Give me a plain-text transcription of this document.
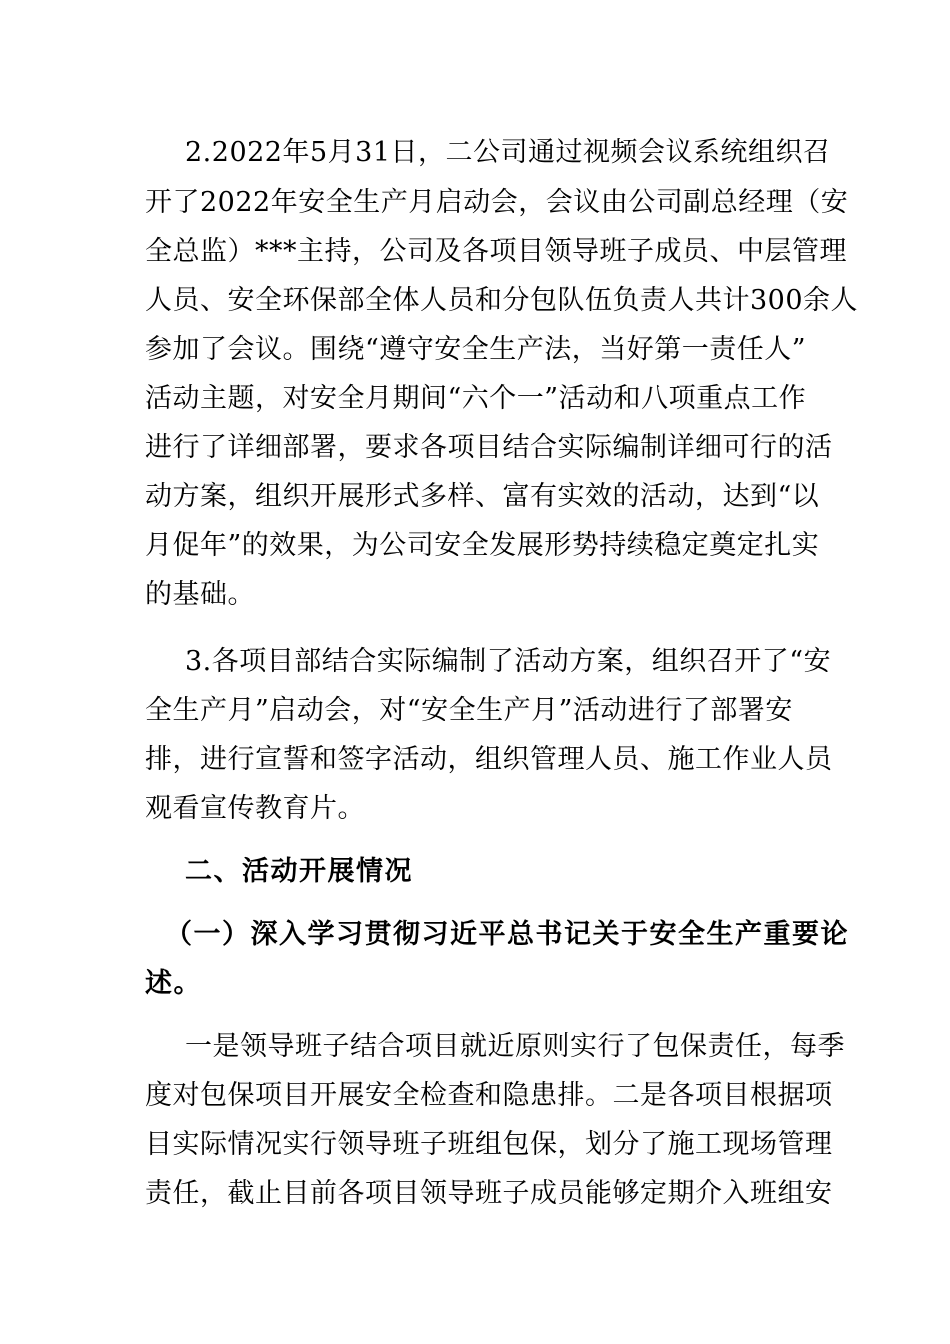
2.2022年5月31日，二公司通过视频会议系统组织召
开了2022年安全生产月启动会，会议由公司副总经理（安
全总监）***主持，公司及各项目领导班子成员、中层管理
人员、安全环保部全体人员和分包队伍负责人共计300余人
参加了会议。围绕“遵守安全生产法，当好第一责任人”
活动主题，对安全月期间“六个一”活动和八项重点工作
进行了详细部署，要求各项目结合实际编制详细可行的活
动方案，组织开展形式多样、富有实效的活动，达到“以
月促年”的效果，为公司安全发展形势持续稳定奠定扎实
的基础。
3.各项目部结合实际编制了活动方案，组织召开了“安
全生产月”启动会，对“安全生产月”活动进行了部署安
排，进行宣誓和签字活动，组织管理人员、施工作业人员
观看宣传教育片。
二、活动开展情况
（一）深入学习贯彻习近平总书记关于安全生产重要论
述。
一是领导班子结合项目就近原则实行了包保责任，每季
度对包保项目开展安全检查和隐患排。二是各项目根据项
目实际情况实行领导班子班组包保，划分了施工现场管理
责任，截止目前各项目领导班子成员能够定期介入班组安
